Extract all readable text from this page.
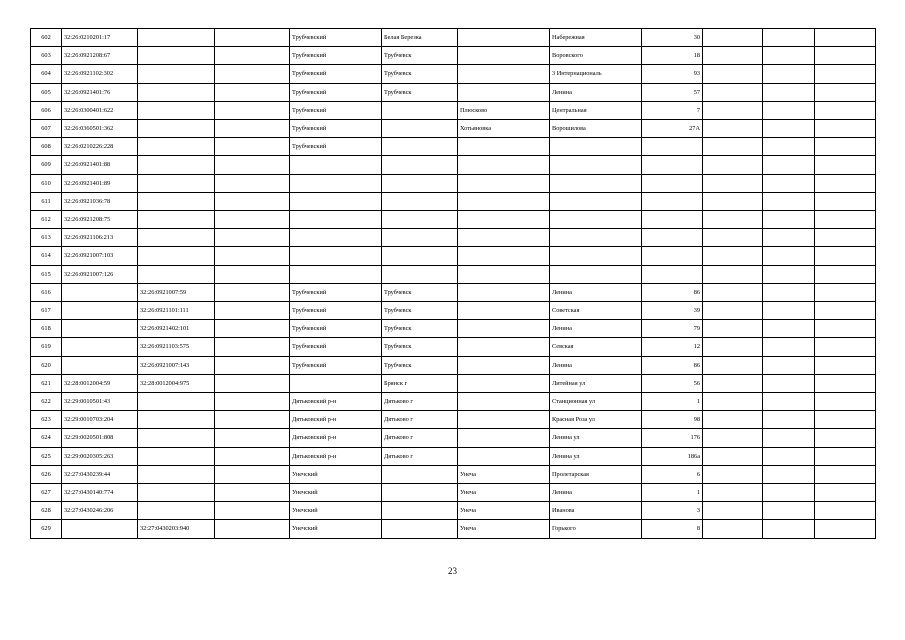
602	32:26:0210201:17			Трубчевский	Белая Березка		Набережная	30			
603	32:26:0921208:67			Трубчевский	Трубчевск		Воровского	18			
604	32:26:0921102:302			Трубчевский	Трубчевск		3 Интернациональ	93			
605	32:26:0921401:76			Трубчевский	Трубчевск		Ленина	57			
606	32:26:0300401:622			Трубчевский		Плюсково	Центральная	7			
607	32:26:0360501:362			Трубчевский		Хотьяновка	Ворошилова	27А			
608	32:26:0210226:228			Трубчевский							
609	32:26:0921401:88										
610	32:26:0921401:89										
611	32:26:0921036:78										
612	32:26:0921208:75										
613	32:26:0921106:213										
614	32:26:0921007:103										
615	32:26:0921007:126										
616		32:26:0921007:59		Трубчевский	Трубчевск		Ленина	86			
617		32:26:0921101:111		Трубчевский	Трубчевск		Советская	39			
618		32:26:0921402:101		Трубчевский	Трубчевск		Ленина	79			
619		32:26:0921103:575		Трубчевский	Трубчевск		Севская	12			
620		32:26:0921007:143		Трубчевский	Трубчевск		Ленина	86			
621	32:28:0012004:59	32:28:0012004:975			Брянск г		Литейная ул	56			
622	32:29:0010501:43			Дятьковский р-н	Дятьково г		Станционная ул	1			
623	32:29:0010703:204			Дятьковский р-н	Дятьково г		Красная Роза ул	98			
624	32:29:0020501:808			Дятьковский р-н	Дятьково г		Ленина ул	176			
625	32:29:0020305:263			Дятьковский р-н	Дятьково г		Ленина ул	186а			
626	32:27:0430239:44			Унечский		Унеча	Пролетарская	6			
627	32:27:0430140:774			Унечский		Унеча	Ленина	1			
628	32:27:0430246:206			Унечский		Унеча	Иванова	3			
629		32:27:0430203:940		Унечский		Унеча	Горького	8			
23
